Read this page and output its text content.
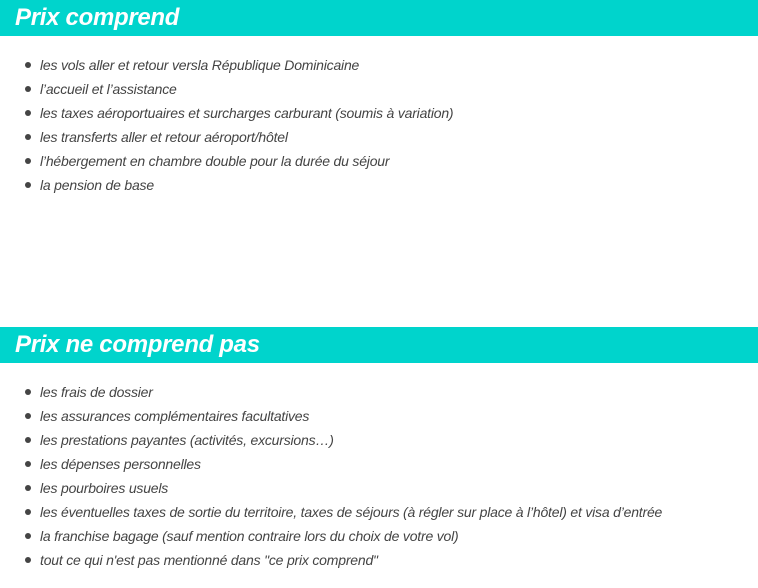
Prix comprend
les vols aller et retour versla République Dominicaine
l’accueil et l’assistance
les taxes aéroportuaires et surcharges carburant (soumis à variation)
les transferts aller et retour aéroport/hôtel
l’hébergement en chambre double pour la durée du séjour
la pension de base
Prix ne comprend pas
les frais de dossier
les assurances complémentaires facultatives
les prestations payantes (activités, excursions…)
les dépenses personnelles
les pourboires usuels
les éventuelles taxes de sortie du territoire, taxes de séjours (à régler sur place à l’hôtel) et visa d’entrée
la franchise bagage (sauf mention contraire lors du choix de votre vol)
tout ce qui n'est pas mentionné dans "ce prix comprend"
